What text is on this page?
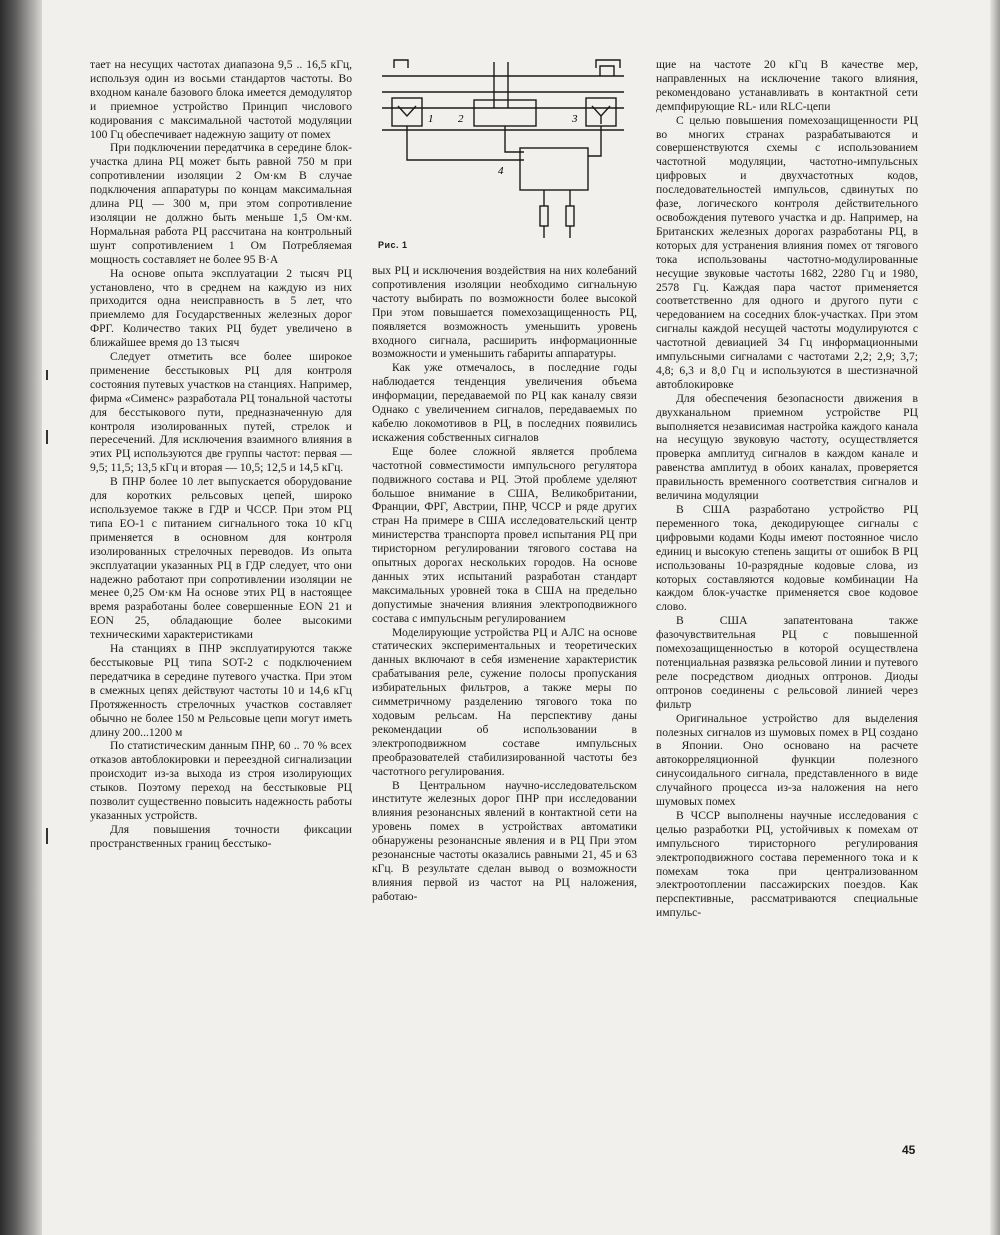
тает на несущих частотах диапазона 9,5 .. 16,5 кГц, используя один из восьми стандартов частоты. Во входном канале базового блока имеется демодулятор и приемное устройство Принцип числового кодирования с максимальной частотой модуляции 100 Гц обеспечивает надежную защиту от помех

При подключении передатчика в середине блок-участка длина РЦ может быть равной 750 м при сопротивлении изоляции 2 Ом·км В случае подключения аппаратуры по концам максимальная длина РЦ — 300 м, при этом сопротивление изоляции не должно быть меньше 1,5 Ом·км. Нормальная работа РЦ рассчитана на контрольный шунт сопротивлением 1 Ом Потребляемая мощность составляет не более 95 В·А

На основе опыта эксплуатации 2 тысяч РЦ установлено, что в среднем на каждую из них приходится одна неисправность в 5 лет, что приемлемо для Государственных железных дорог ФРГ. Количество таких РЦ будет увеличено в ближайшее время до 13 тысяч

Следует отметить все более широкое применение бесстыковых РЦ для контроля состояния путевых участков на станциях. Например, фирма «Сименс» разработала РЦ тональной частоты для бесстыкового пути, предназначенную для контроля изолированных путей, стрелок и пересечений. Для исключения взаимного влияния в этих РЦ используются две группы частот: первая — 9,5; 11,5; 13,5 кГц и вторая — 10,5; 12,5 и 14,5 кГц.

В ПНР более 10 лет выпускается оборудование для коротких рельсовых цепей, широко используемое также в ГДР и ЧССР. При этом РЦ типа ЕО-1 с питанием сигнального тока 10 кГц применяется в основном для контроля изолированных стрелочных переводов. Из опыта эксплуатации указанных РЦ в ГДР следует, что они надежно работают при сопротивлении изоляции не менее 0,25 Ом·км На основе этих РЦ в настоящее время разработаны более совершенные ЕОN 21 и ЕОN 25, обладающие более высокими техническими характеристиками

На станциях в ПНР эксплуатируются также бесстыковые РЦ типа SOT-2 с подключением передатчика в середине путевого участка. При этом в смежных цепях действуют частоты 10 и 14,6 кГц Протяженность стрелочных участков составляет обычно не более 150 м Рельсовые цепи могут иметь длину 200...1200 м

По статистическим данным ПНР, 60 .. 70 % всех отказов автоблокировки и переездной сигнализации происходит из-за выхода из строя изолирующих стыков. Поэтому переход на бесстыковые РЦ позволит существенно повысить надежность работы указанных устройств.

Для повышения точности фиксации пространственных границ бесстыко-

1 2	3
4
Рис. 1

вых РЦ и исключения воздействия на них колебаний сопротивления изоляции необходимо сигнальную частоту выбирать по возможности более высокой При этом повышается помехозащищенность РЦ, появляется возможность уменьшить уровень входного сигнала, расширить информационные возможности и уменьшить габариты аппаратуры.

Как уже отмечалось, в последние годы наблюдается тенденция увеличения объема информации, передаваемой по РЦ как каналу связи Однако с увеличением сигналов, передаваемых по кабелю локомотивов в РЦ, в последних появились искажения собственных сигналов

Еще более сложной является проблема частотной совместимости импульсного регулятора подвижного состава и РЦ. Этой проблеме уделяют большое внимание в США, Великобритании, Франции, ФРГ, Австрии, ПНР, ЧССР и ряде других стран На примере в США исследовательский центр министерства транспорта провел испытания РЦ при тиристорном регулировании тягового состава на опытных дорогах нескольких городов. На основе данных этих испытаний разработан стандарт максимальных уровней тока в США на предельно допустимые значения влияния электроподвижного состава с импульсным регулированием

Моделирующие устройства РЦ и АЛС на основе статических экспериментальных и теоретических данных включают в себя изменение характеристик срабатывания реле, сужение полосы пропускания избирательных фильтров, а также меры по симметричному разделению тягового тока по ходовым рельсам. На перспективу даны рекомендации об использовании в электроподвижном составе импульсных преобразователей стабилизированной частоты без частотного регулирования.

В Центральном научно-исследовательском институте железных дорог ПНР при исследовании влияния резонансных явлений в контактной сети на уровень помех в устройствах автоматики обнаружены резонансные явления и в РЦ При этом резонансные частоты оказались равными 21, 45 и 63 кГц. В результате сделан вывод о возможности влияния первой из частот на РЦ наложения, работаю-

щие на частоте 20 кГц В качестве мер, направленных на исключение такого влияния, рекомендовано устанавливать в контактной сети демпфирующие RL- или RLC-цепи

С целью повышения помехозащищенности РЦ во многих странах разрабатываются и совершенствуются схемы с использованием частотной модуляции, частотно-импульсных цифровых и двухчастотных кодов, последовательностей импульсов, сдвинутых по фазе, логического контроля действительного освобождения путевого участка и др. Например, на Британских железных дорогах разработаны РЦ, в которых для устранения влияния помех от тягового тока использованы частотно-модулированные несущие звуковые частоты 1682, 2280 Гц и 1980, 2578 Гц. Каждая пара частот применяется соответственно для одного и другого пути с чередованием на соседних блок-участках. При этом сигналы каждой несущей частоты модулируются с частотной девиацией 34 Гц информационными импульсными сигналами с частотами 2,2; 2,9; 3,7; 4,8; 6,3 и 8,0 Гц и используются в шестизначной автоблокировке

Для обеспечения безопасности движения в двухканальном приемном устройстве РЦ выполняется независимая настройка каждого канала на несущую звуковую частоту, осуществляется проверка амплитуд сигналов в каждом канале и равенства амплитуд в обоих каналах, проверяется правильность временного соответствия сигналов и величина модуляции

В США разработано устройство РЦ переменного тока, декодирующее сигналы с цифровыми кодами Коды имеют постоянное число единиц и высокую степень защиты от ошибок В РЦ использованы 10-разрядные кодовые слова, из которых составляются кодовые комбинации На каждом блок-участке применяется свое кодовое слово.

В США запатентована также фазочувствительная РЦ с повышенной помехозащищенностью в которой осуществлена потенциальная развязка рельсовой линии и путевого реле посредством диодных оптронов. Диоды оптронов соединены с рельсовой линией через фильтр

Оригинальное устройство для выделения полезных сигналов из шумовых помех в РЦ создано в Японии. Оно основано на расчете автокорреляционной функции полезного синусоидального сигнала, представленного в виде случайного процесса из-за наложения на него шумовых помех

В ЧССР выполнены научные исследования с целью разработки РЦ, устойчивых к помехам от импульсного тиристорного регулирования электроподвижного состава переменного тока и к помехам тока при централизованном электроотоплении пассажирских поездов. Как перспективные, рассматриваются специальные импульс-

45
